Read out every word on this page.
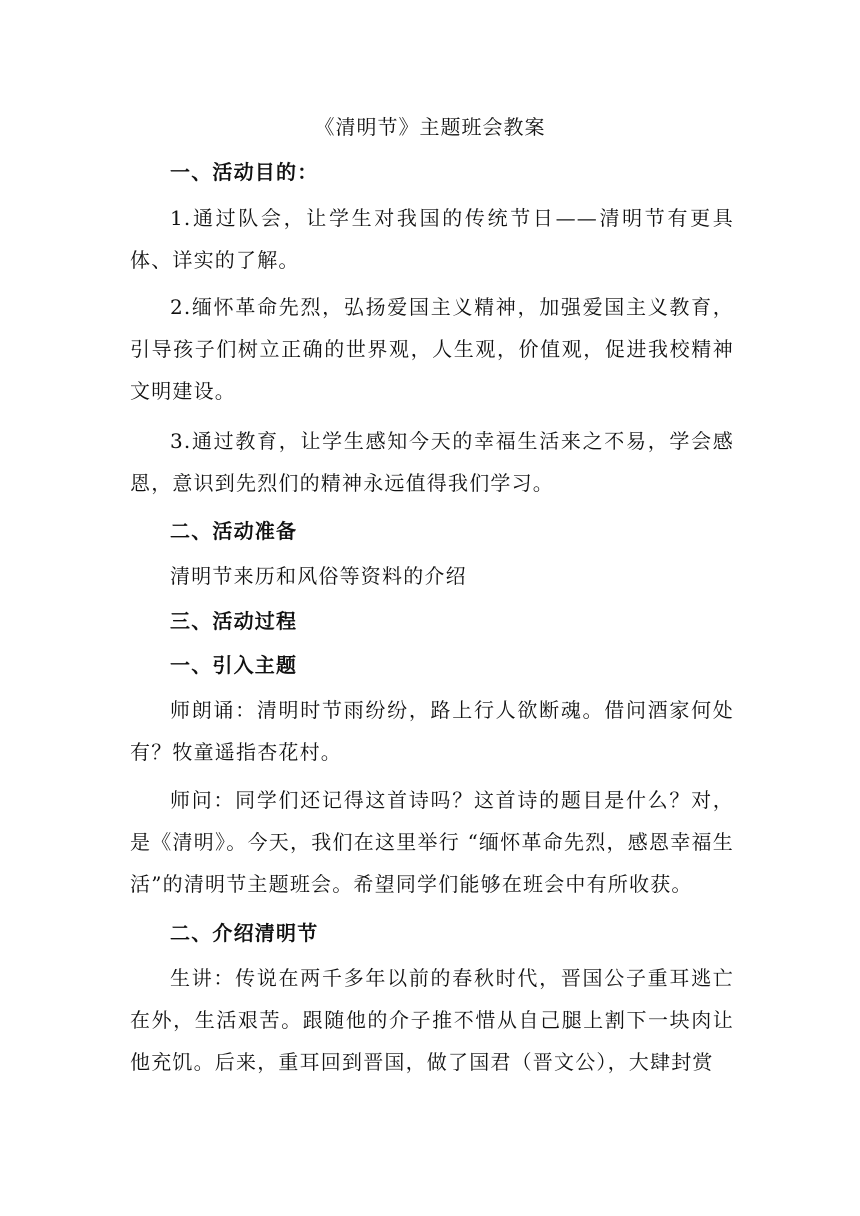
《清明节》主题班会教案

一、活动目的：

1.通过队会，让学生对我国的传统节日——清明节有更具体、详实的了解。

2.缅怀革命先烈，弘扬爱国主义精神，加强爱国主义教育，引导孩子们树立正确的世界观，人生观，价值观，促进我校精神文明建设。

3.通过教育，让学生感知今天的幸福生活来之不易，学会感恩，意识到先烈们的精神永远值得我们学习。

二、活动准备

清明节来历和风俗等资料的介绍

三、活动过程

一、引入主题

师朗诵：清明时节雨纷纷，路上行人欲断魂。借问酒家何处有？牧童遥指杏花村。

师问：同学们还记得这首诗吗？这首诗的题目是什么？对，是《清明》。今天，我们在这里举行 “缅怀革命先烈，感恩幸福生活”的清明节主题班会。希望同学们能够在班会中有所收获。

二、介绍清明节

生讲：传说在两千多年以前的春秋时代，晋国公子重耳逃亡在外，生活艰苦。跟随他的介子推不惜从自己腿上割下一块肉让他充饥。后来，重耳回到晋国，做了国君（晋文公），大肆封赏
